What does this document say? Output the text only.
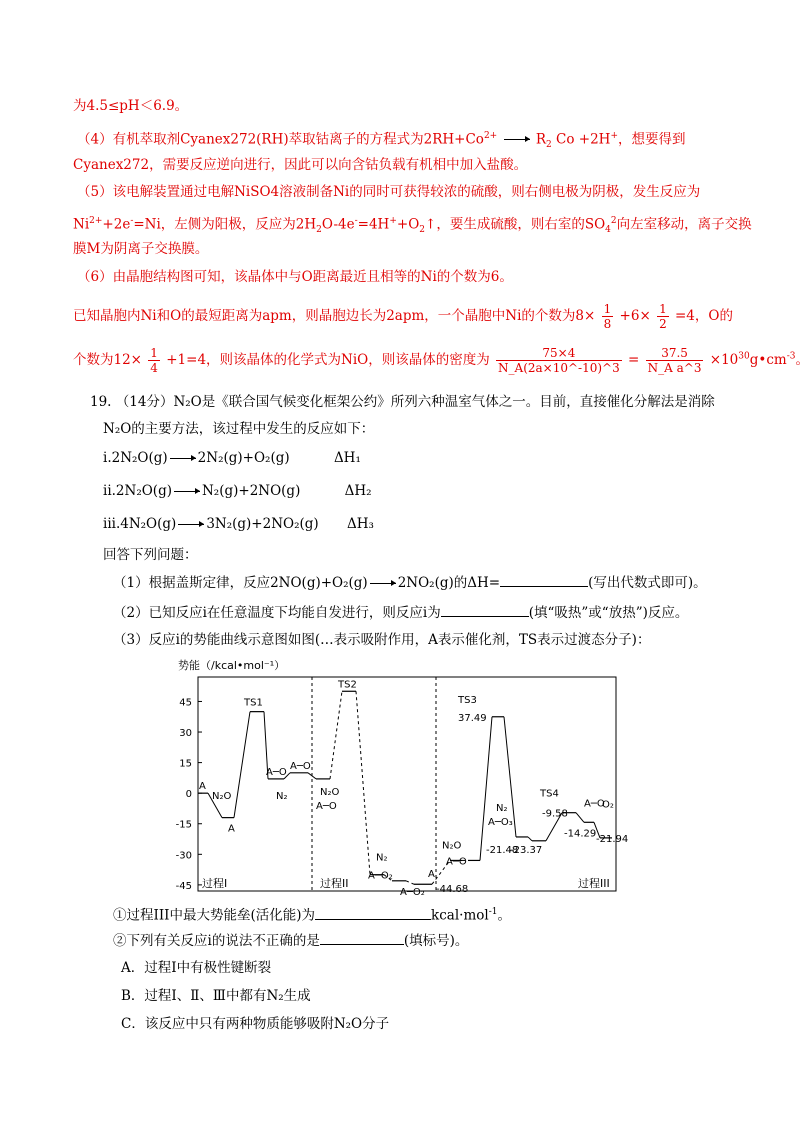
为4.5≤pH＜6.9。
（4）有机萃取剂Cyanex272(RH)萃取钴离子的方程式为$2RH+Co^{2+}$	$R_2$ Co +2H+，想要得到
Cyanex272，需要反应逆向进行，因此可以向含钴负载有机相中加入盐酸。
（5）该电解装置通过电解NiSO4溶液制备Ni的同时可获得较浓的硫酸，则右侧电极为阴极，发生反应为
$Ni^{2+}+2e^-=Ni$，左侧为阳极，反应为$2H_2O-4e^-=4H^++O_2↑$，要生成硫酸，则右室的$SO_4^2$向左室移动，离子交换
膜M为阴离子交换膜。
（6）由晶胞结构图可知，该晶体中与O距离最近且相等的Ni的个数为6。
已知晶胞内Ni和O的最短距离为apm，则晶胞边长为2apm，一个晶胞中Ni的个数为$8\times \frac{1}{8} +6\times \frac{1}{2} =4$，O的
个数为$12\times \frac{1}{4} +1=4$，则该晶体的化学式为NiO，则该晶体的密度为 $\frac{75\times 4}{N\_A(2a\times 10\^{}-10)\^{}3} = \frac{37.5}{\text{N\_A a\textasciicircum{}3}}$ $\times 10^{30}g•cm^{-3}$。
19. （14分）N₂O是《联合国气候变化框架公约》所列六种温室气体之一。目前，直接催化分解法是消除
N₂O的主要方法，该过程中发生的反应如下：
i.2N₂O(g) 2N₂(g)+O₂(g)	ΔH₁
ii.2N₂O(g) N₂(g)+2NO(g)	ΔH₂
iii.4N₂O(g) 3N₂(g)+2NO₂(g) ΔH₃
回答下列问题：
（1）根据盖斯定律，反应2NO(g)+O₂(g) 2NO₂(g)的ΔH=	(写出代数式即可)。
（2）已知反应i在任意温度下均能自发进行，则反应i为	(填“吸热”或“放热”)反应。
（3）反应i的势能曲线示意图如图(…表示吸附作用，A表示催化剂，TS表示过渡态分子)：
势能（/kcal•mol⁻¹）
45
30
15
0
-15
-30
-45
TS1
TS2
TS3
TS4
A
N₂O
A
A─O
N₂
A─O
N₂O
A─O
N₂
A─O₂
A─O₂
A
N₂O
A─O
37.49
-44.68
N₂
A─O₃
-21.48
-23.37
-9.58
-14.29
-21.94
A─O
O₂
过程I	过程II	过程III
①过程III中最大势能垒(活化能)为	kcal·mol$^{-1}$。
②下列有关反应i的说法不正确的是	(填标号)。
A．过程Ⅰ中有极性键断裂
B．过程Ⅰ、Ⅱ、Ⅲ中都有N₂生成
C．该反应中只有两种物质能够吸附N₂O分子
